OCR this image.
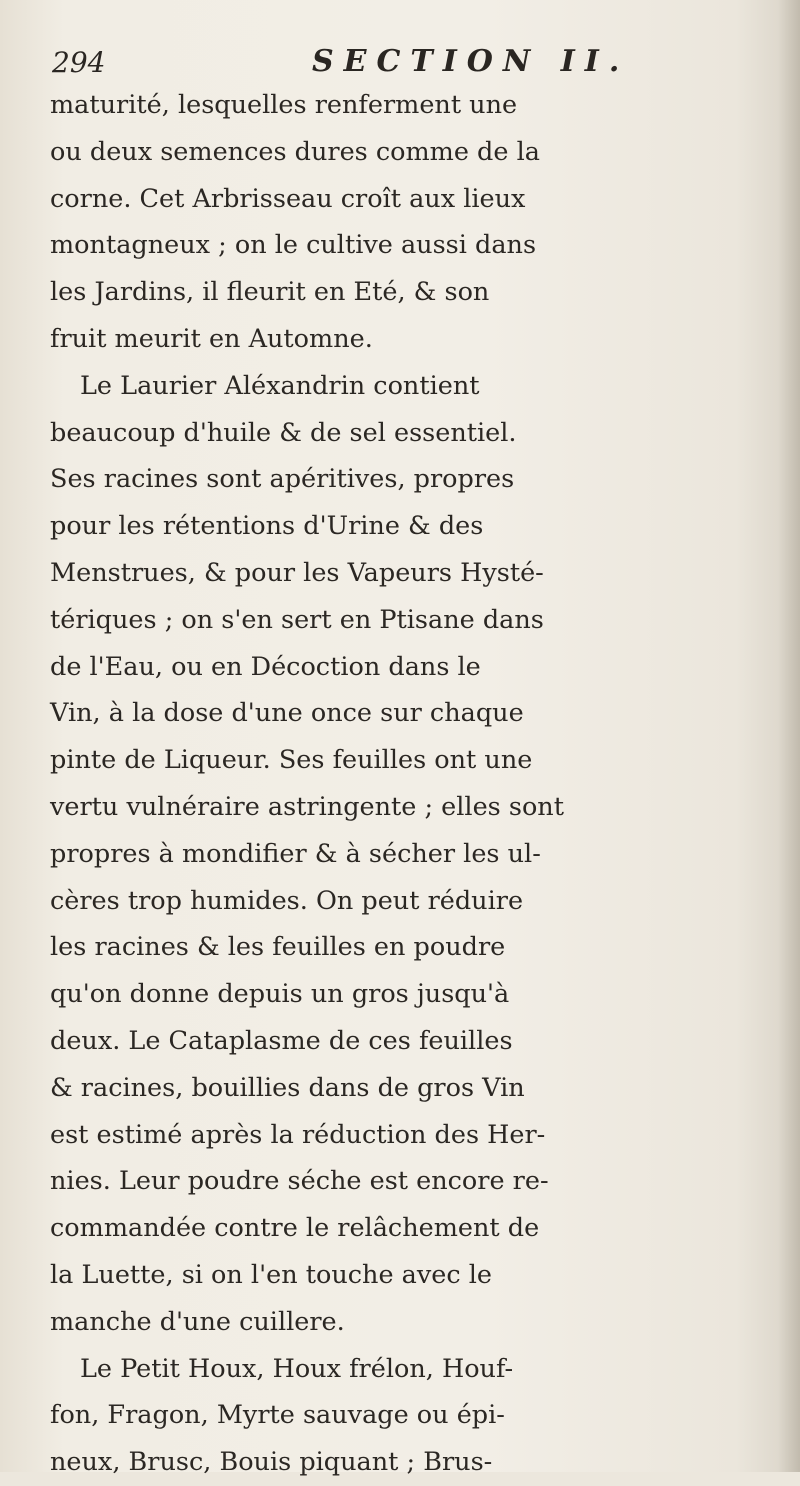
294	SECTION II.
maturité, lesquelles renferment une
ou deux semences dures comme de la
corne. Cet Arbrisseau croît aux lieux
montagneux ; on le cultive aussi dans
les Jardins, il fleurit en Eté, & son
fruit meurit en Automne.
Le Laurier Aléxandrin contient
beaucoup d'huile & de sel essentiel.
Ses racines sont apéritives, propres
pour les rétentions d'Urine & des
Menstrues, & pour les Vapeurs Hysté-
tériques ; on s'en sert en Ptisane dans
de l'Eau, ou en Décoction dans le
Vin, à la dose d'une once sur chaque
pinte de Liqueur. Ses feuilles ont une
vertu vulnéraire astringente ; elles sont
propres à mondifier & à sécher les ul-
cères trop humides. On peut réduire
les racines & les feuilles en poudre
qu'on donne depuis un gros jusqu'à
deux. Le Cataplasme de ces feuilles
& racines, bouillies dans de gros Vin
est estimé après la réduction des Her-
nies. Leur poudre séche est encore re-
commandée contre le relâchement de
la Luette, si on l'en touche avec le
manche d'une cuillere.
Le Petit Houx, Houx frélon, Houf-
fon, Fragon, Myrte sauvage ou épi-
neux, Brusc, Bouis piquant ; Brus-
